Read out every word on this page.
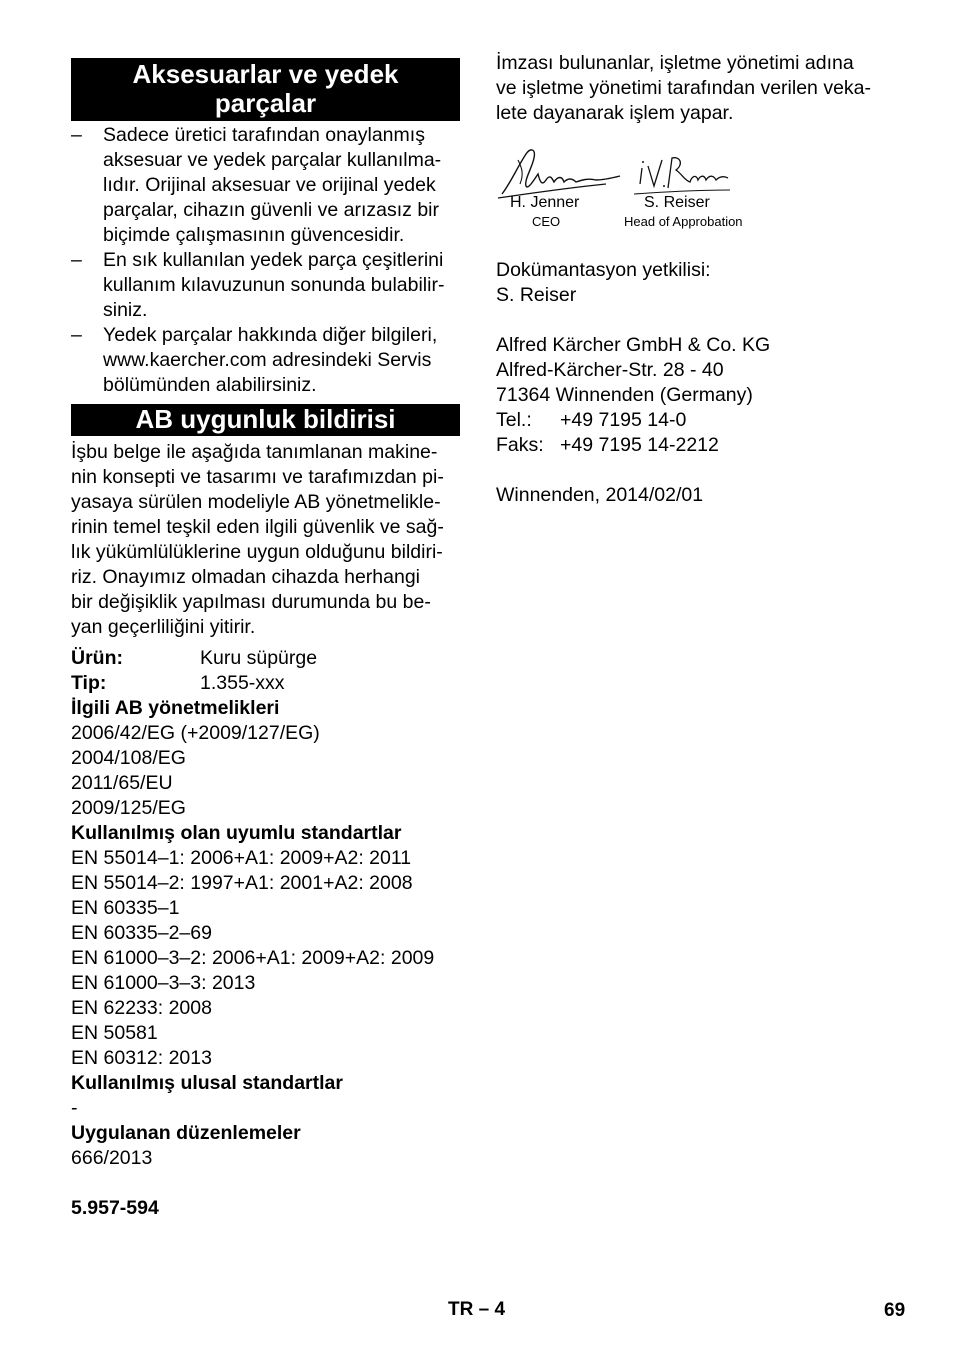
Aksesuarlar ve yedek
parçalar
– Sadece üretici tarafından onaylanmış
aksesuar ve yedek parçalar kullanılma-
lıdır. Orijinal aksesuar ve orijinal yedek
parçalar, cihazın güvenli ve arızasız bir
biçimde çalışmasının güvencesidir.
– En sık kullanılan yedek parça çeşitlerini
kullanım kılavuzunun sonunda bulabilir-
siniz.
– Yedek parçalar hakkında diğer bilgileri,
www.kaercher.com adresindeki Servis
bölümünden alabilirsiniz.
AB uygunluk bildirisi
İşbu belge ile aşağıda tanımlanan makine-
nin konsepti ve tasarımı ve tarafımızdan pi-
yasaya sürülen modeliyle AB yönetmelikle-
rinin temel teşkil eden ilgili güvenlik ve sağ-
lık yükümlülüklerine uygun olduğunu bildiri-
riz. Onayımız olmadan cihazda herhangi
bir değişiklik yapılması durumunda bu be-
yan geçerliliğini yitirir.
Ürün:	Kuru süpürge
Tip:	1.355-xxx
İlgili AB yönetmelikleri
2006/42/EG (+2009/127/EG)
2004/108/EG
2011/65/EU
2009/125/EG
Kullanılmış olan uyumlu standartlar
EN 55014–1: 2006+A1: 2009+A2: 2011
EN 55014–2: 1997+A1: 2001+A2: 2008
EN 60335–1
EN 60335–2–69
EN 61000–3–2: 2006+A1: 2009+A2: 2009
EN 61000–3–3: 2013
EN 62233: 2008
EN 50581
EN 60312: 2013
Kullanılmış ulusal standartlar
-
Uygulanan düzenlemeler
666/2013
5.957-594
İmzası bulunanlar, işletme yönetimi adına
ve işletme yönetimi tarafından verilen veka-
lete dayanarak işlem yapar.
H. Jenner
CEO
S. Reiser
Head of Approbation
Dokümantasyon yetkilisi:
S. Reiser
Alfred Kärcher GmbH & Co. KG
Alfred-Kärcher-Str. 28 - 40
71364 Winnenden (Germany)
Tel.:	+49 7195 14-0
Faks: +49 7195 14-2212
Winnenden, 2014/02/01
TR – 4	69
